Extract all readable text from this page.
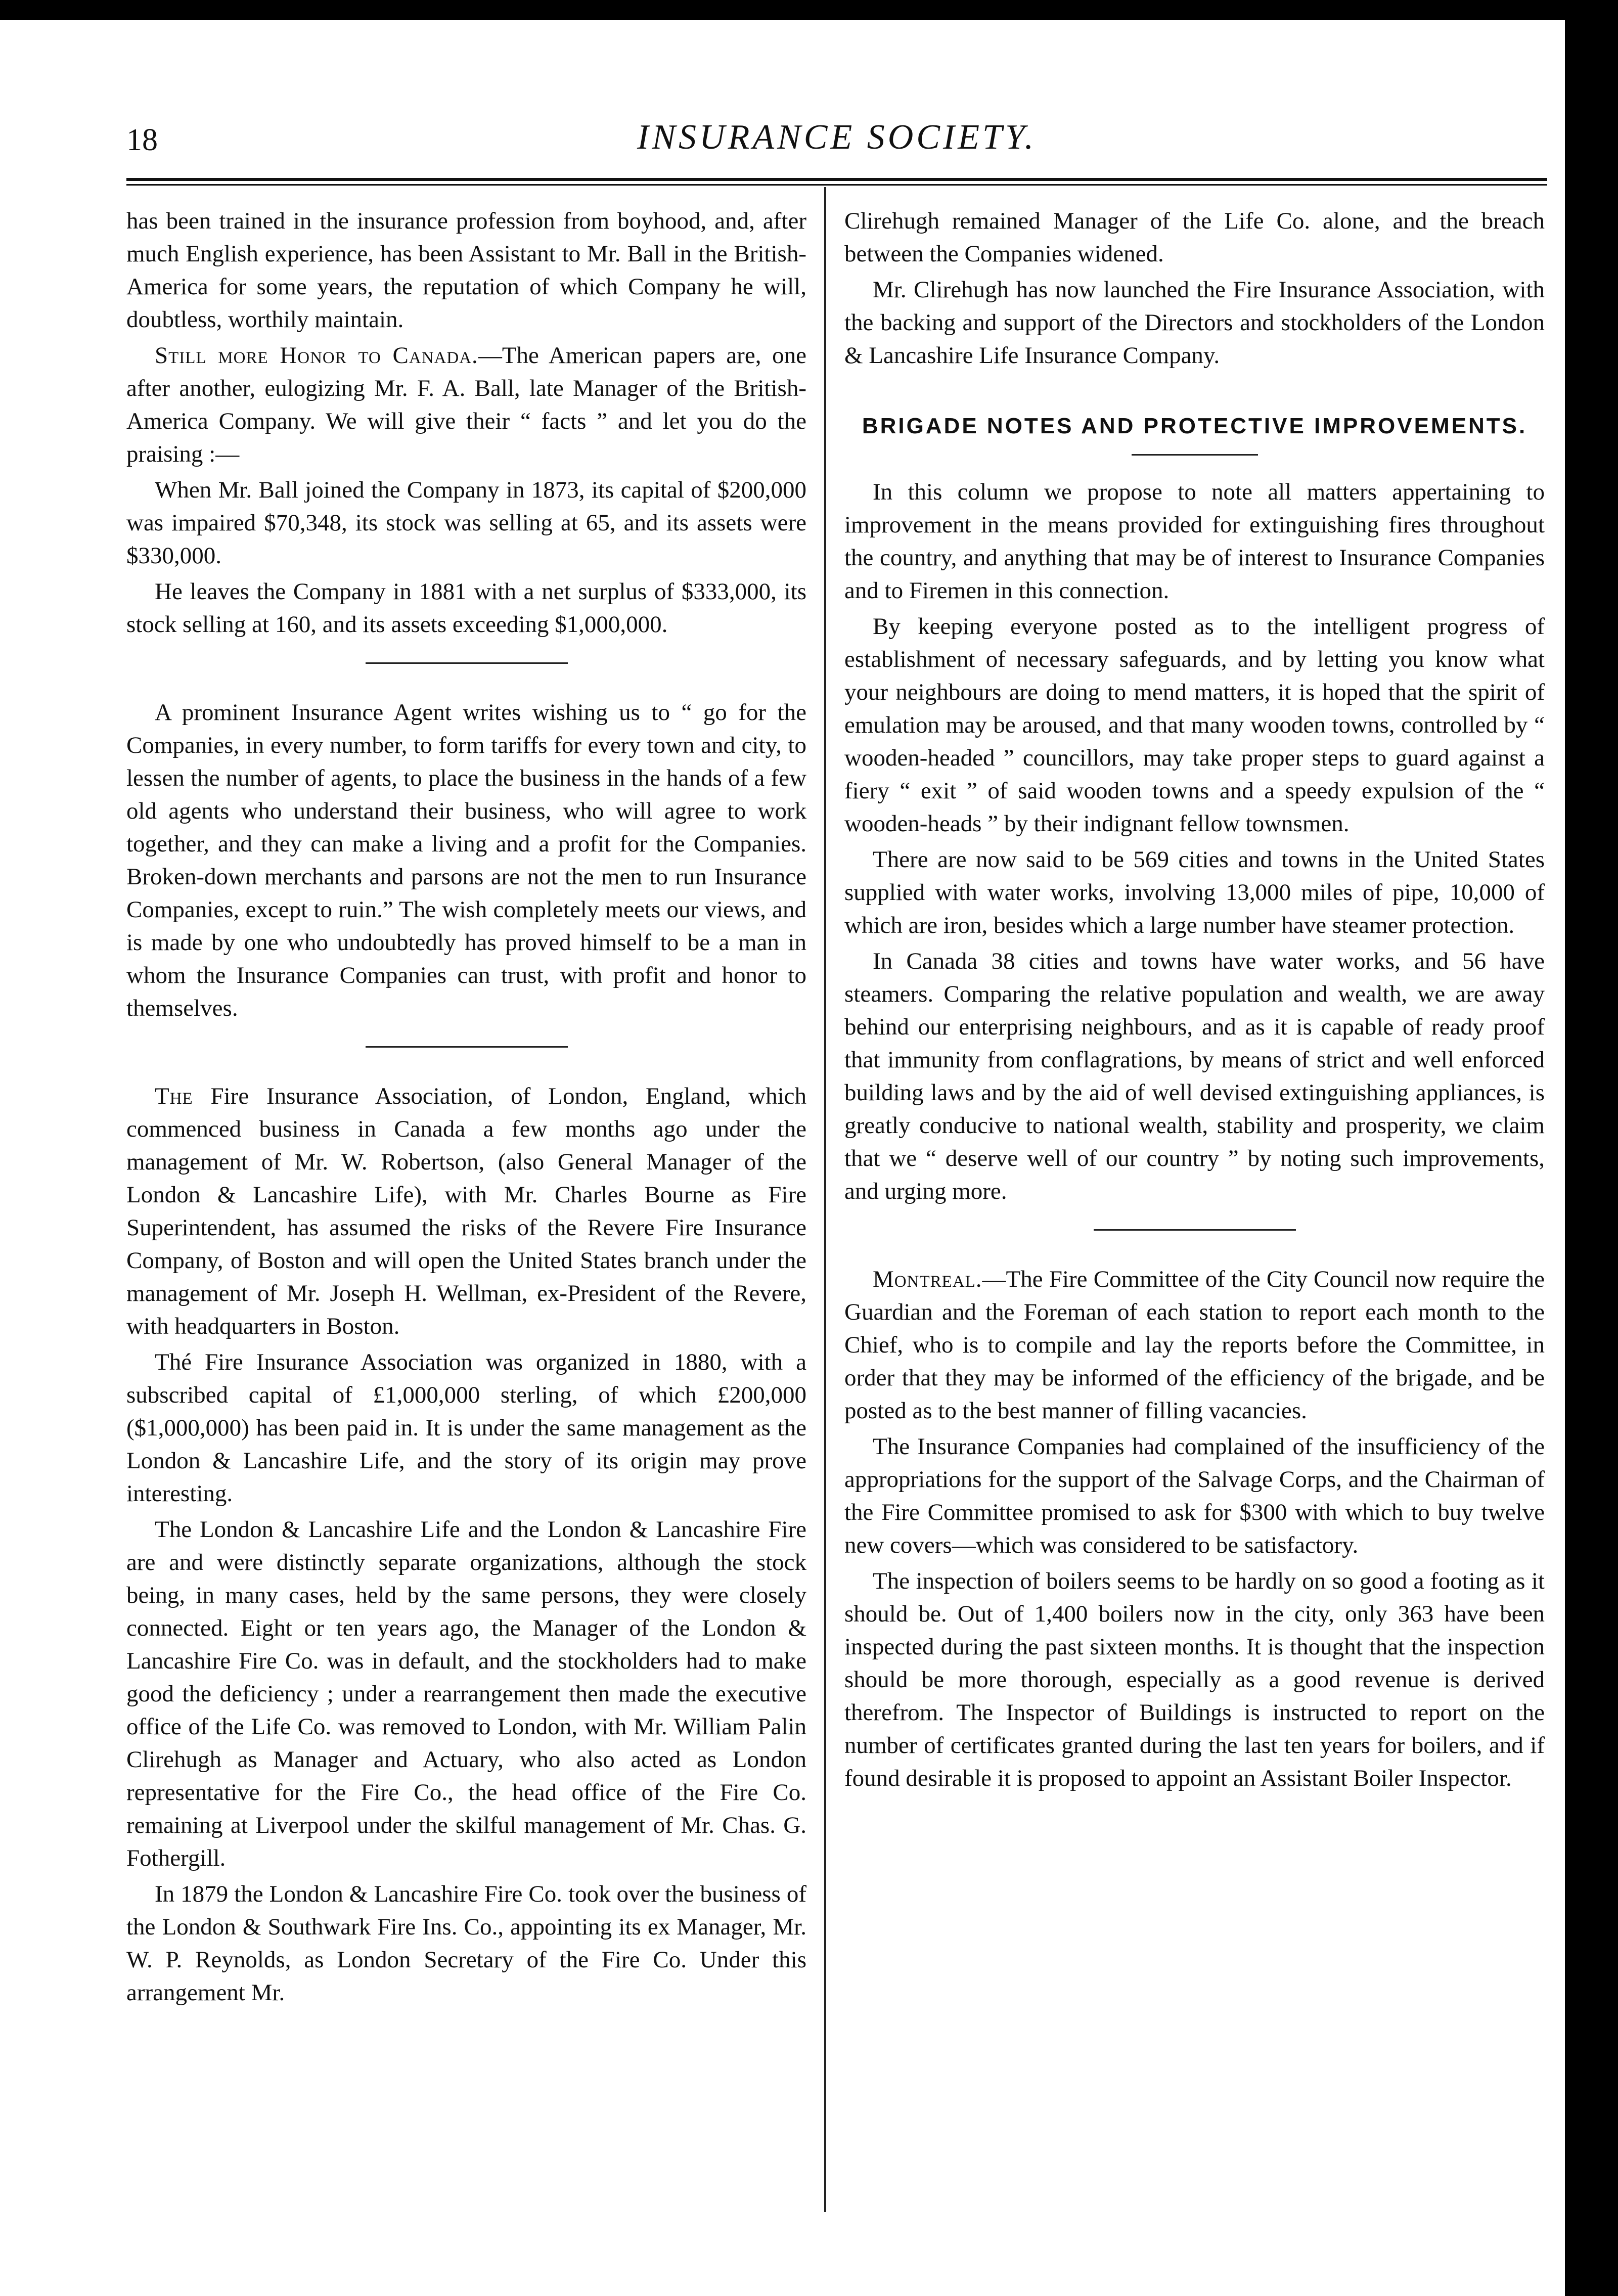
18	INSURANCE SOCIETY.

has been trained in the insurance profession from boyhood, and, after much English experience, has been Assistant to Mr. Ball in the British-America for some years, the reputation of which Company he will, doubtless, worthily maintain.

Still more Honor to Canada.—The American papers are, one after another, eulogizing Mr. F. A. Ball, late Manager of the British-America Company. We will give their “ facts ” and let you do the praising :—

When Mr. Ball joined the Company in 1873, its capital of $200,000 was impaired $70,348, its stock was selling at 65, and its assets were $330,000.

He leaves the Company in 1881 with a net surplus of $333,000, its stock selling at 160, and its assets exceeding $1,000,000.

A prominent Insurance Agent writes wishing us to “ go for the Companies, in every number, to form tariffs for every town and city, to lessen the number of agents, to place the business in the hands of a few old agents who understand their business, who will agree to work together, and they can make a living and a profit for the Companies. Broken-down merchants and parsons are not the men to run Insurance Companies, except to ruin.” The wish completely meets our views, and is made by one who undoubtedly has proved himself to be a man in whom the Insurance Companies can trust, with profit and honor to themselves.

The Fire Insurance Association, of London, England, which commenced business in Canada a few months ago under the management of Mr. W. Robertson, (also General Manager of the London & Lancashire Life), with Mr. Charles Bourne as Fire Superintendent, has assumed the risks of the Revere Fire Insurance Company, of Boston and will open the United States branch under the management of Mr. Joseph H. Wellman, ex-President of the Revere, with headquarters in Boston.

Thé Fire Insurance Association was organized in 1880, with a subscribed capital of £1,000,000 sterling, of which £200,000 ($1,000,000) has been paid in. It is under the same management as the London & Lancashire Life, and the story of its origin may prove interesting.

The London & Lancashire Life and the London & Lancashire Fire are and were distinctly separate organizations, although the stock being, in many cases, held by the same persons, they were closely connected. Eight or ten years ago, the Manager of the London & Lancashire Fire Co. was in default, and the stockholders had to make good the deficiency ; under a rearrangement then made the executive office of the Life Co. was removed to London, with Mr. William Palin Clirehugh as Manager and Actuary, who also acted as London representative for the Fire Co., the head office of the Fire Co. remaining at Liverpool under the skilful management of Mr. Chas. G. Fothergill.

In 1879 the London & Lancashire Fire Co. took over the business of the London & Southwark Fire Ins. Co., appointing its ex Manager, Mr. W. P. Reynolds, as London Secretary of the Fire Co. Under this arrangement Mr.

Clirehugh remained Manager of the Life Co. alone, and the breach between the Companies widened.

Mr. Clirehugh has now launched the Fire Insurance Association, with the backing and support of the Directors and stockholders of the London & Lancashire Life Insurance Company.

BRIGADE NOTES AND PROTECTIVE IMPROVEMENTS.

In this column we propose to note all matters appertaining to improvement in the means provided for extinguishing fires throughout the country, and anything that may be of interest to Insurance Companies and to Firemen in this connection.

By keeping everyone posted as to the intelligent progress of establishment of necessary safeguards, and by letting you know what your neighbours are doing to mend matters, it is hoped that the spirit of emulation may be aroused, and that many wooden towns, controlled by “ wooden-headed ” councillors, may take proper steps to guard against a fiery “ exit ” of said wooden towns and a speedy expulsion of the “ wooden-heads ” by their indignant fellow townsmen.

There are now said to be 569 cities and towns in the United States supplied with water works, involving 13,000 miles of pipe, 10,000 of which are iron, besides which a large number have steamer protection.

In Canada 38 cities and towns have water works, and 56 have steamers. Comparing the relative population and wealth, we are away behind our enterprising neighbours, and as it is capable of ready proof that immunity from conflagrations, by means of strict and well enforced building laws and by the aid of well devised extinguishing appliances, is greatly conducive to national wealth, stability and prosperity, we claim that we “ deserve well of our country ” by noting such improvements, and urging more.

Montreal.—The Fire Committee of the City Council now require the Guardian and the Foreman of each station to report each month to the Chief, who is to compile and lay the reports before the Committee, in order that they may be informed of the efficiency of the brigade, and be posted as to the best manner of filling vacancies.

The Insurance Companies had complained of the insufficiency of the appropriations for the support of the Salvage Corps, and the Chairman of the Fire Committee promised to ask for $300 with which to buy twelve new covers—which was considered to be satisfactory.

The inspection of boilers seems to be hardly on so good a footing as it should be. Out of 1,400 boilers now in the city, only 363 have been inspected during the past sixteen months. It is thought that the inspection should be more thorough, especially as a good revenue is derived therefrom. The Inspector of Buildings is instructed to report on the number of certificates granted during the last ten years for boilers, and if found desirable it is proposed to appoint an Assistant Boiler Inspector.
